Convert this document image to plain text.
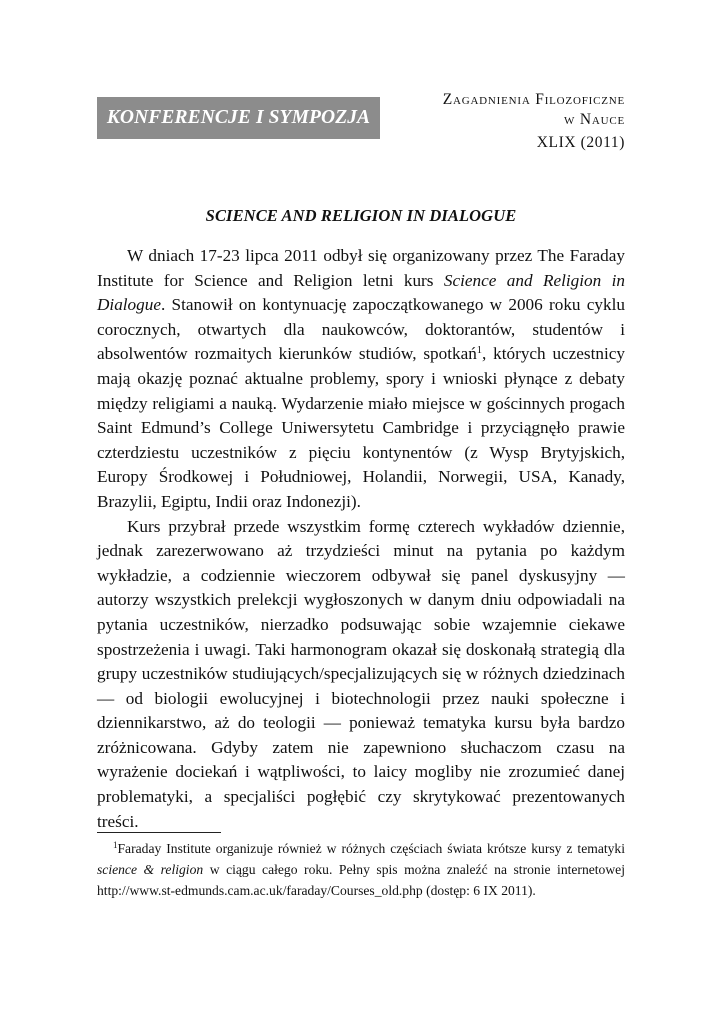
KONFERENCJE I SYMPOZJA
Zagadnienia Filozoficzne
w Nauce
XLIX (2011)
SCIENCE AND RELIGION IN DIALOGUE

W dniach 17-23 lipca 2011 odbył się organizowany przez The Faraday Institute for Science and Religion letni kurs Science and Religion in Dialogue. Stanowił on kontynuację zapoczątkowanego w 2006 roku cyklu corocznych, otwartych dla naukowców, doktorantów, studentów i absolwentów rozmaitych kierunków studiów, spotkań$^1$, których uczestnicy mają okazję poznać aktualne problemy, spory i wnioski płynące z debaty między religiami a nauką. Wydarzenie miało miejsce w gościnnych progach Saint Edmund’s College Uniwersytetu Cambridge i przyciągnęło prawie czterdziestu uczestników z pięciu kontynentów (z Wysp Brytyjskich, Europy Środkowej i Południowej, Holandii, Norwegii, USA, Kanady, Brazylii, Egiptu, Indii oraz Indonezji).

Kurs przybrał przede wszystkim formę czterech wykładów dziennie, jednak zarezerwowano aż trzydzieści minut na pytania po każdym wykładzie, a codziennie wieczorem odbywał się panel dyskusyjny — autorzy wszystkich prelekcji wygłoszonych w danym dniu odpowiadali na pytania uczestników, nierzadko podsuwając sobie wzajemnie ciekawe spostrzeżenia i uwagi. Taki harmonogram okazał się doskonałą strategią dla grupy uczestników studiujących/specjalizujących się w różnych dziedzinach — od biologii ewolucyjnej i biotechnologii przez nauki społeczne i dziennikarstwo, aż do teologii — ponieważ tematyka kursu była bardzo zróżnicowana. Gdyby zatem nie zapewniono słuchaczom czasu na wyrażenie dociekań i wątpliwości, to laicy mogliby nie zrozumieć danej problematyki, a specjaliści pogłębić czy skrytykować prezentowanych treści.

$^1$Faraday Institute organizuje również w różnych częściach świata krótsze kursy z tematyki science & religion w ciągu całego roku. Pełny spis można znaleźć na stronie internetowej http://www.st-edmunds.cam.ac.uk/faraday/Courses_old.php (dostęp: 6 IX 2011).
